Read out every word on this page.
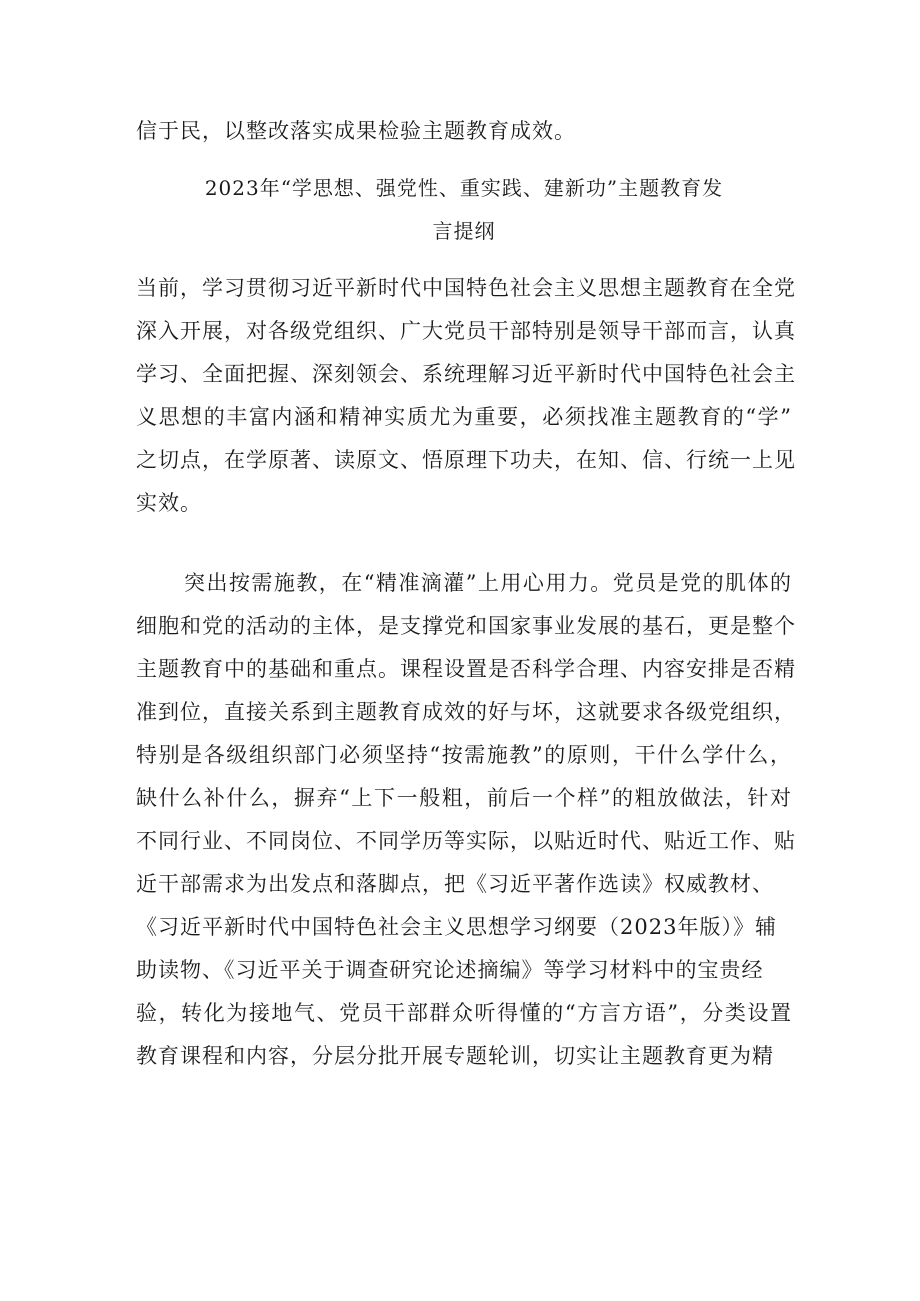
信于民，以整改落实成果检验主题教育成效。
2023年“学思想、强党性、重实践、建新功”主题教育发
言提纲
当前，学习贯彻习近平新时代中国特色社会主义思想主题教育在全党
深入开展，对各级党组织、广大党员干部特别是领导干部而言，认真
学习、全面把握、深刻领会、系统理解习近平新时代中国特色社会主
义思想的丰富内涵和精神实质尤为重要，必须找准主题教育的“学”
之切点，在学原著、读原文、悟原理下功夫，在知、信、行统一上见
实效。
突出按需施教，在“精准滴灌”上用心用力。党员是党的肌体的
细胞和党的活动的主体，是支撑党和国家事业发展的基石，更是整个
主题教育中的基础和重点。课程设置是否科学合理、内容安排是否精
准到位，直接关系到主题教育成效的好与坏，这就要求各级党组织，
特别是各级组织部门必须坚持“按需施教”的原则，干什么学什么，
缺什么补什么，摒弃“上下一般粗，前后一个样”的粗放做法，针对
不同行业、不同岗位、不同学历等实际，以贴近时代、贴近工作、贴
近干部需求为出发点和落脚点，把《习近平著作选读》权威教材、
《习近平新时代中国特色社会主义思想学习纲要（2023年版）》辅
助读物、《习近平关于调查研究论述摘编》等学习材料中的宝贵经
验，转化为接地气、党员干部群众听得懂的“方言方语”，分类设置
教育课程和内容，分层分批开展专题轮训，切实让主题教育更为精
